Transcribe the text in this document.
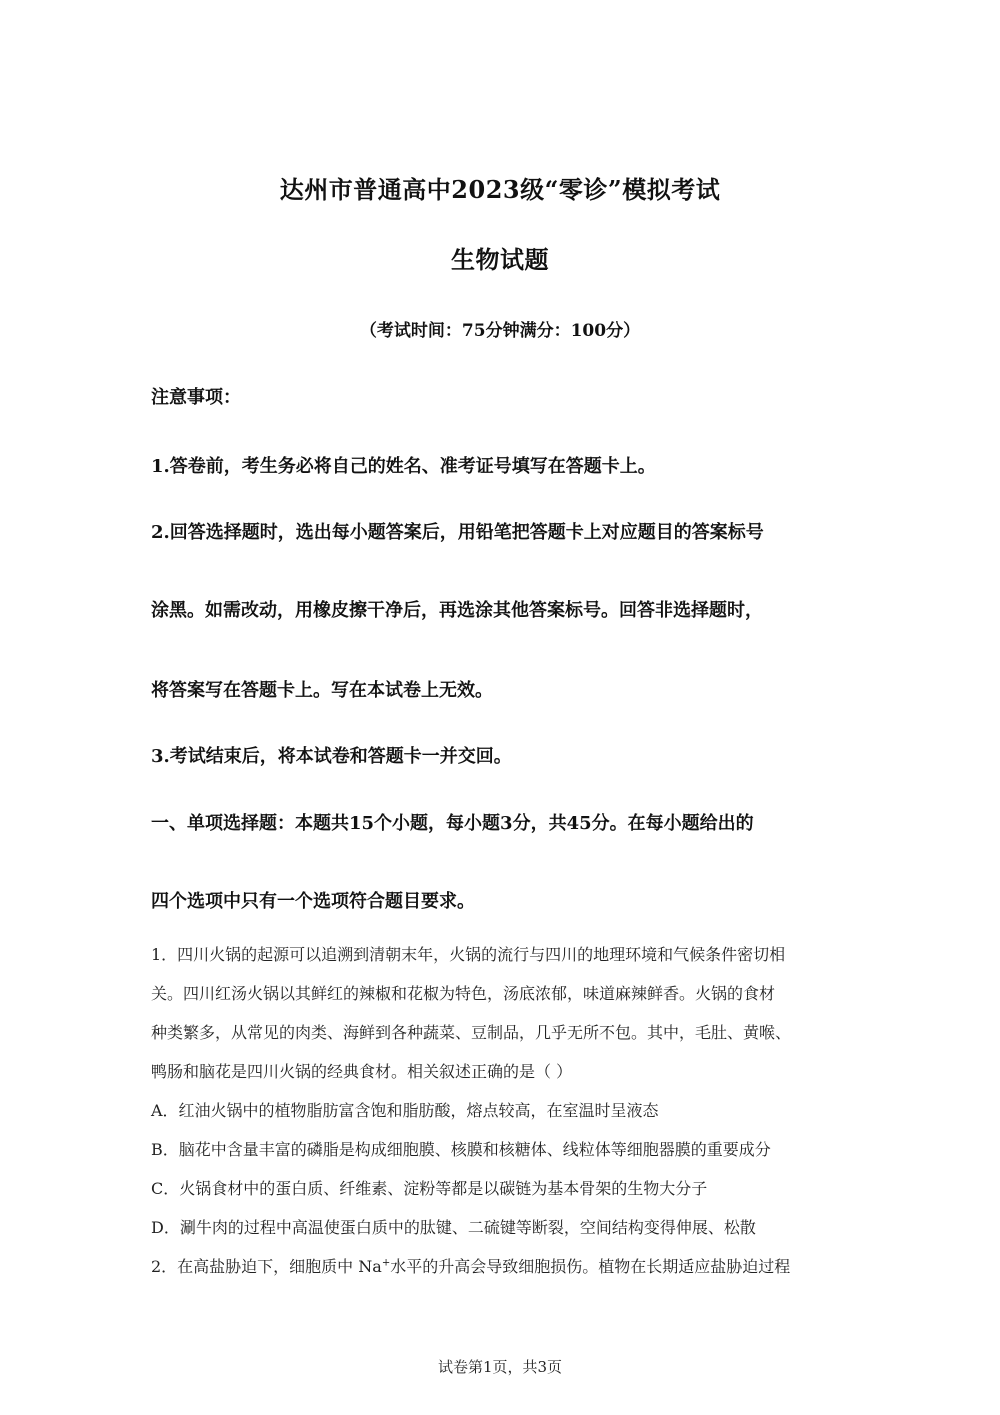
达州市普通高中2023级“零诊”模拟考试
生物试题
（考试时间：75分钟满分：100分）
注意事项：
1.答卷前，考生务必将自己的姓名、准考证号填写在答题卡上。
2.回答选择题时，选出每小题答案后，用铅笔把答题卡上对应题目的答案标号
涂黑。如需改动，用橡皮擦干净后，再选涂其他答案标号。回答非选择题时，
将答案写在答题卡上。写在本试卷上无效。
3.考试结束后，将本试卷和答题卡一并交回。
一、单项选择题：本题共15个小题，每小题3分，共45分。在每小题给出的
四个选项中只有一个选项符合题目要求。
1．四川火锅的起源可以追溯到清朝末年，火锅的流行与四川的地理环境和气候条件密切相
关。四川红汤火锅以其鲜红的辣椒和花椒为特色，汤底浓郁，味道麻辣鲜香。火锅的食材
种类繁多，从常见的肉类、海鲜到各种蔬菜、豆制品，几乎无所不包。其中，毛肚、黄喉、
鸭肠和脑花是四川火锅的经典食材。相关叙述正确的是（ ）
A．红油火锅中的植物脂肪富含饱和脂肪酸，熔点较高，在室温时呈液态
B．脑花中含量丰富的磷脂是构成细胞膜、核膜和核糖体、线粒体等细胞器膜的重要成分
C．火锅食材中的蛋白质、纤维素、淀粉等都是以碳链为基本骨架的生物大分子
D．涮牛肉的过程中高温使蛋白质中的肽键、二硫键等断裂，空间结构变得伸展、松散
2．在高盐胁迫下，细胞质中 Na+水平的升高会导致细胞损伤。植物在长期适应盐胁迫过程
试卷第1页，共3页
